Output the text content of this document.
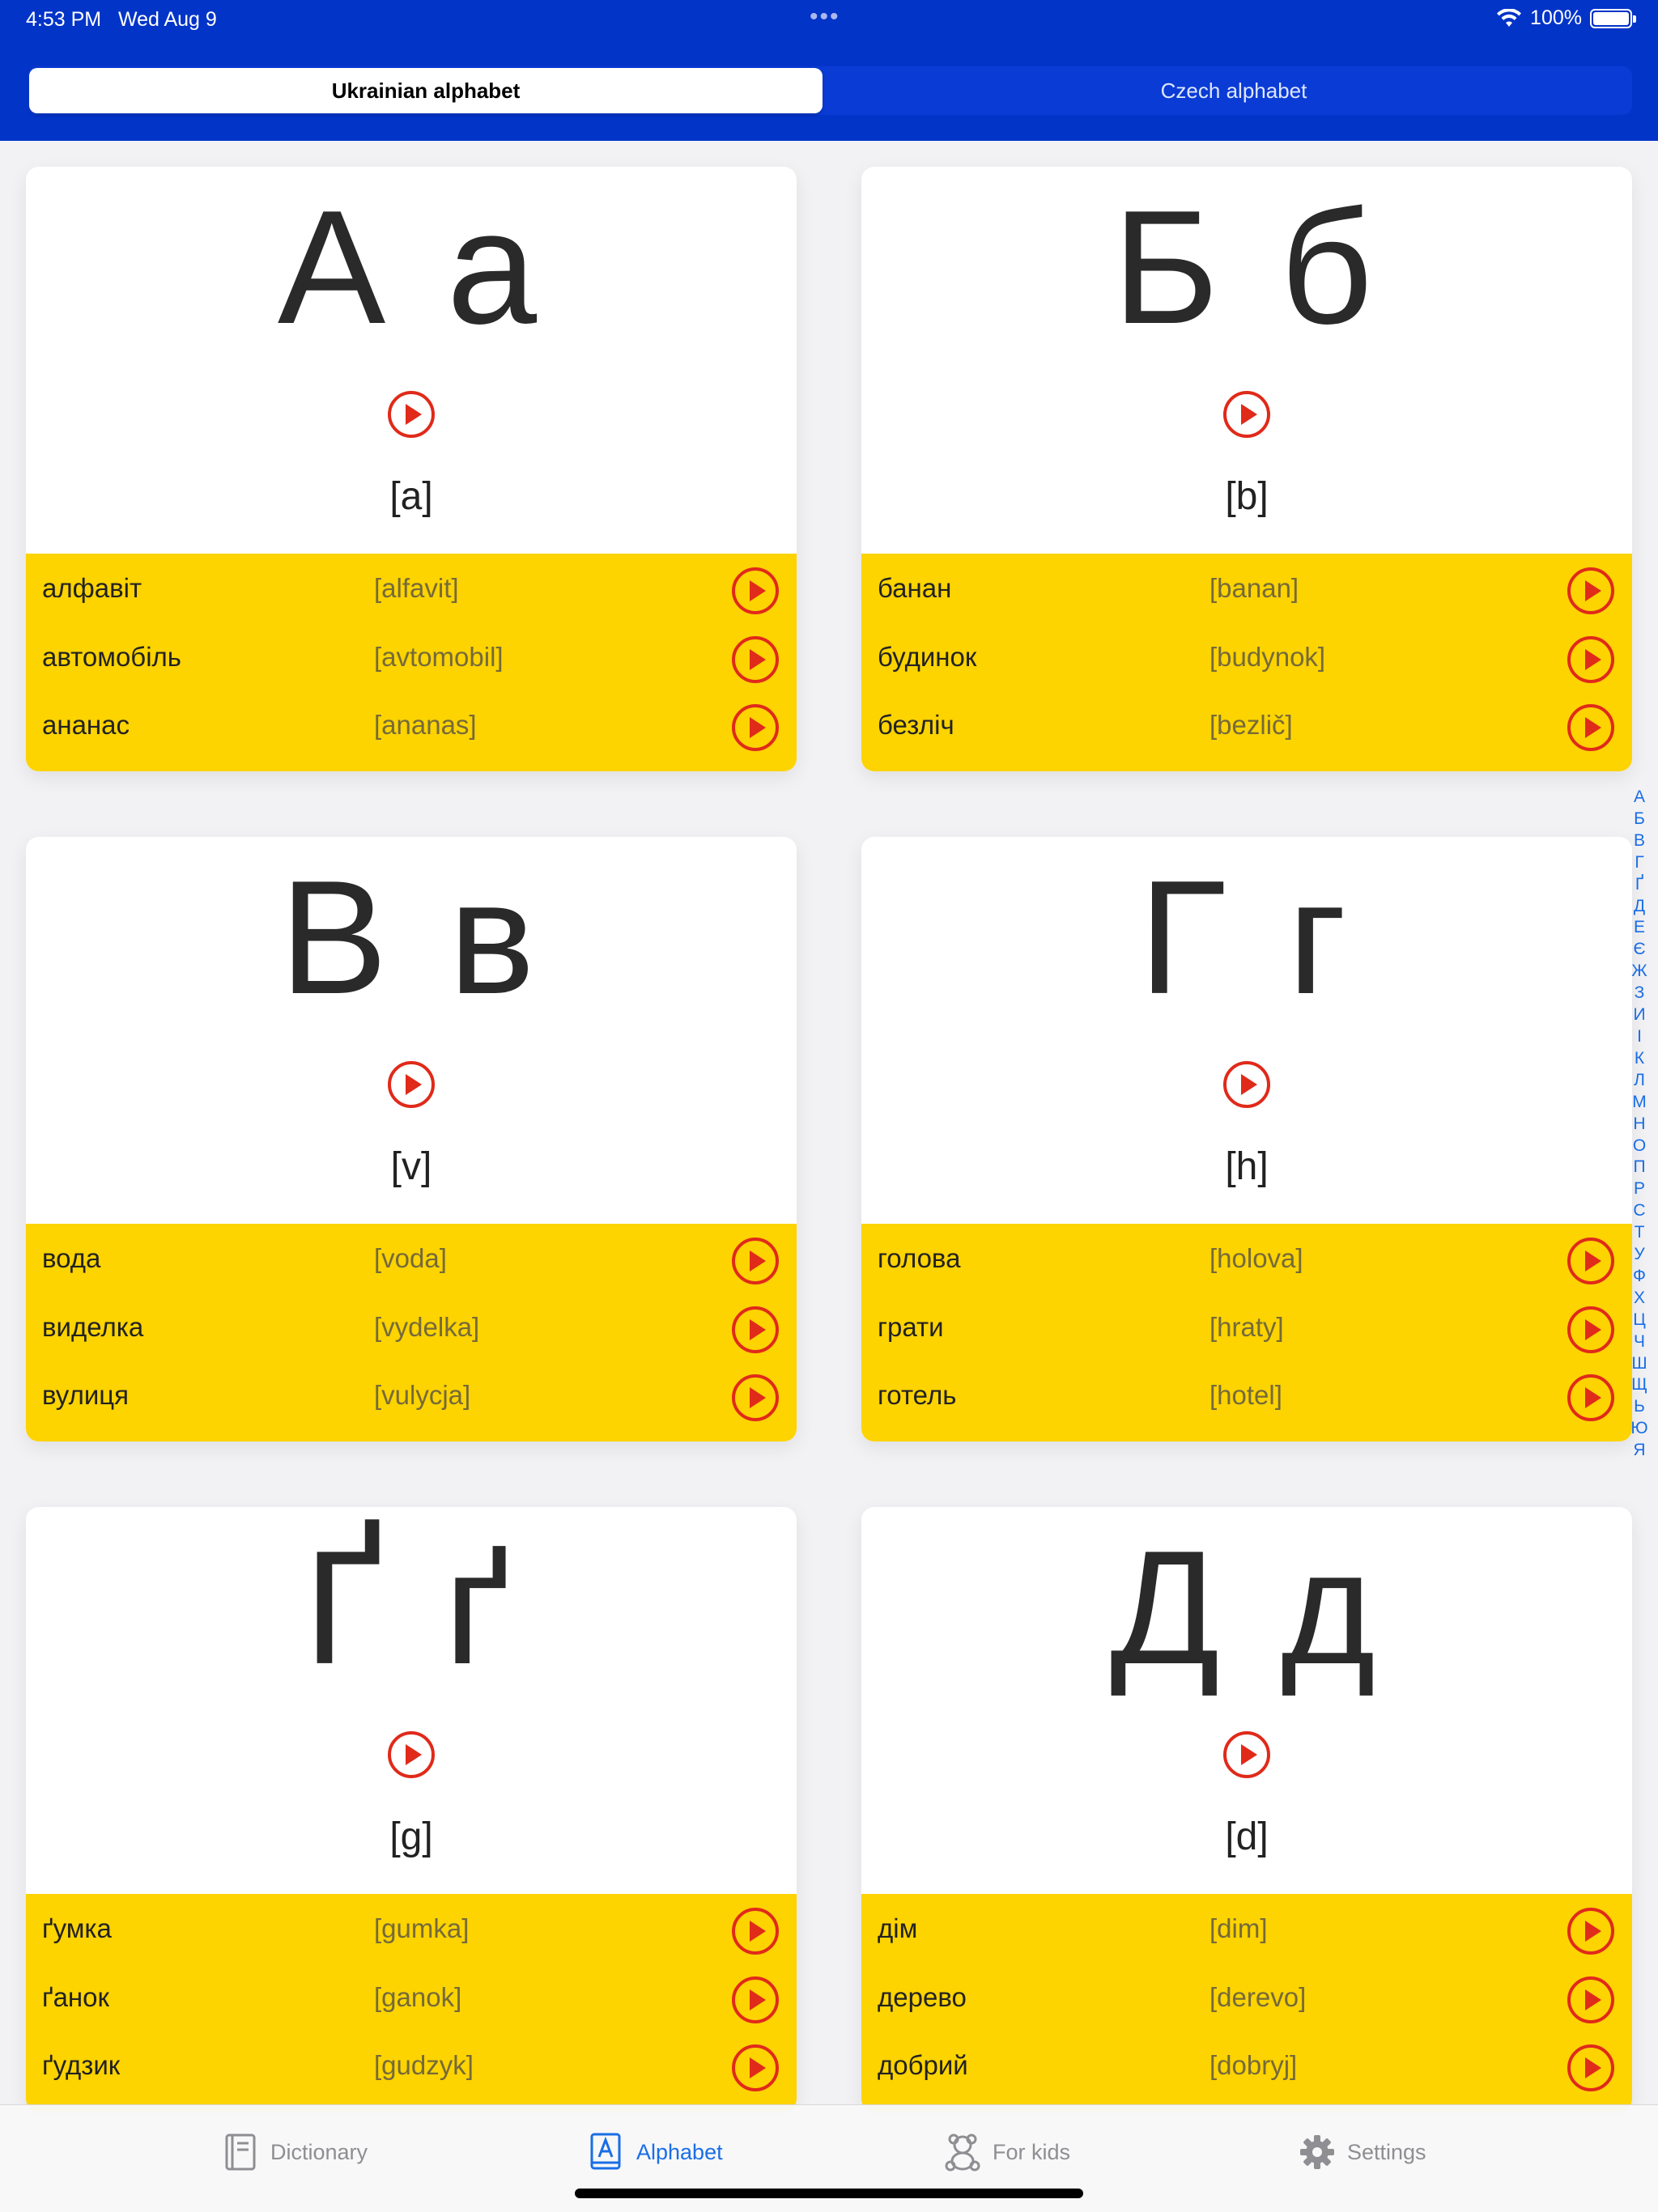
4:53 PM Wed Aug 9	•••	100%
Ukrainian alphabet	Czech alphabet
А а
[a]
алфавіт	[alfavit]
автомобіль	[avtomobil]
ананас	[ananas]
Б б
[b]
банан	[banan]
будинок	[budynok]
безліч	[bezlič]
В в
[v]
вода	[voda]
виделка	[vydelka]
вулиця	[vulycja]
Г г
[h]
голова	[holova]
грати	[hraty]
готель	[hotel]
Ґ ґ
[g]
ґумка	[gumka]
ґанок	[ganok]
ґудзик	[gudzyk]
Д д
[d]
дім	[dim]
дерево	[derevo]
добрий	[dobryj]
А
Б
В
Г
Ґ
Д
Е
Є
Ж
З
И
І
К
Л
М
Н
О
П
Р
С
Т
У
Ф
Х
Ц
Ч
Ш
Щ
Ь
Ю
Я
Dictionary	Alphabet	For kids	Settings
